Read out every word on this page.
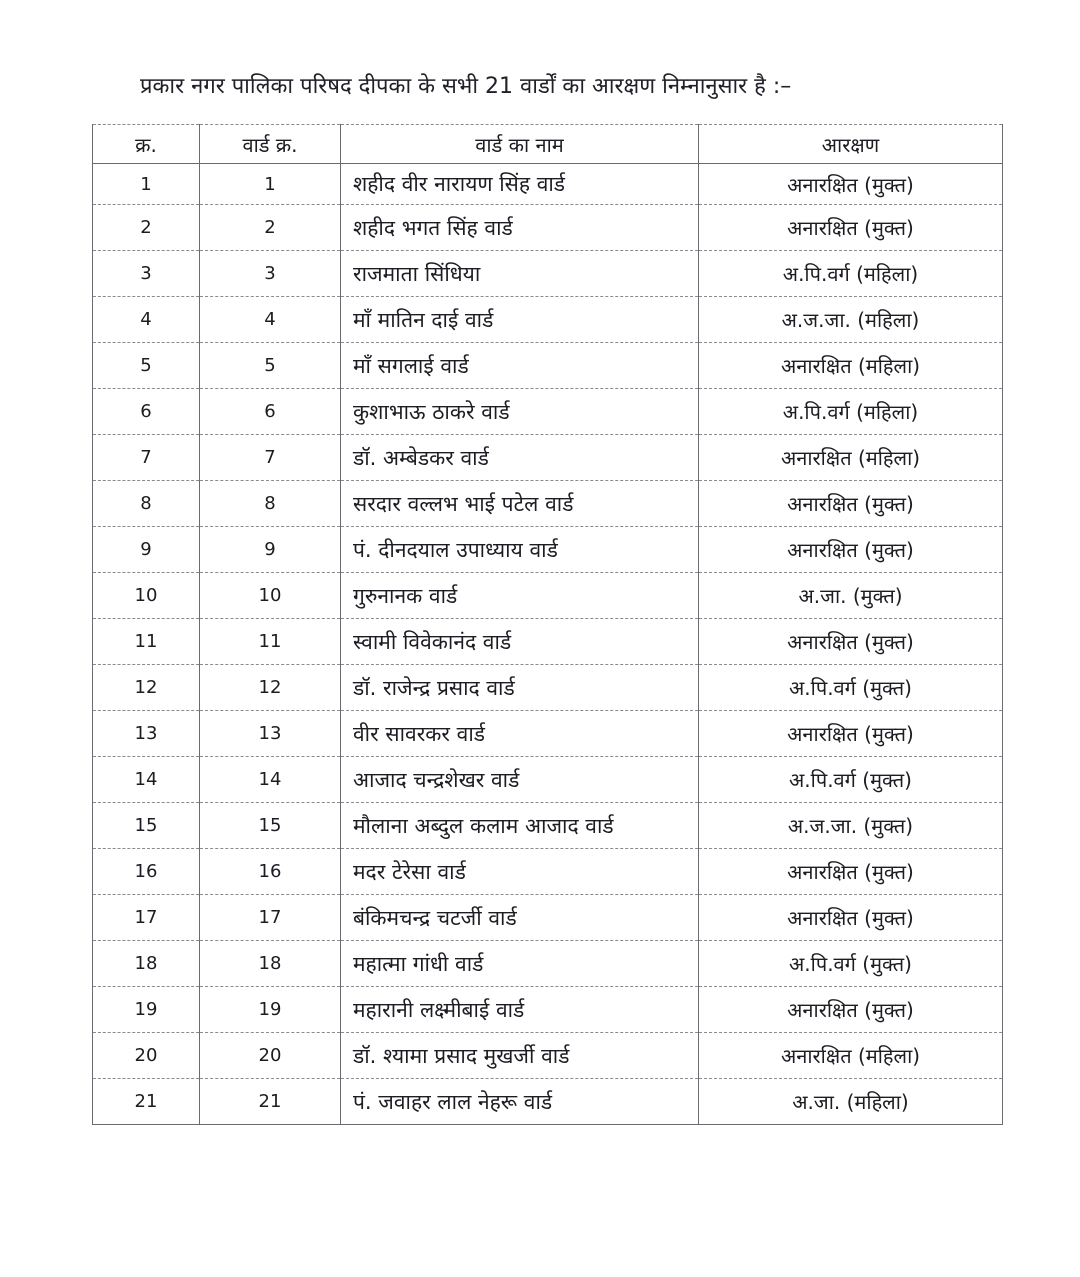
प्रकार नगर पालिका परिषद दीपका के सभी 21 वार्डों का आरक्षण निम्नानुसार है :–
क्र.	वार्ड क्र.	वार्ड का नाम	आरक्षण
1	1	शहीद वीर नारायण सिंह वार्ड	अनारक्षित (मुक्त)
2	2	शहीद भगत सिंह वार्ड	अनारक्षित (मुक्त)
3	3	राजमाता सिंधिया	अ.पि.वर्ग (महिला)
4	4	माँ मातिन दाई वार्ड	अ.ज.जा. (महिला)
5	5	माँ सगलाई वार्ड	अनारक्षित (महिला)
6	6	कुशाभाऊ ठाकरे वार्ड	अ.पि.वर्ग (महिला)
7	7	डॉ. अम्बेडकर वार्ड	अनारक्षित (महिला)
8	8	सरदार वल्लभ भाई पटेल वार्ड	अनारक्षित (मुक्त)
9	9	पं. दीनदयाल उपाध्याय वार्ड	अनारक्षित (मुक्त)
10	10	गुरुनानक वार्ड	अ.जा. (मुक्त)
11	11	स्वामी विवेकानंद वार्ड	अनारक्षित (मुक्त)
12	12	डॉ. राजेन्द्र प्रसाद वार्ड	अ.पि.वर्ग (मुक्त)
13	13	वीर सावरकर वार्ड	अनारक्षित (मुक्त)
14	14	आजाद चन्द्रशेखर वार्ड	अ.पि.वर्ग (मुक्त)
15	15	मौलाना अब्दुल कलाम आजाद वार्ड	अ.ज.जा. (मुक्त)
16	16	मदर टेरेसा वार्ड	अनारक्षित (मुक्त)
17	17	बंकिमचन्द्र चटर्जी वार्ड	अनारक्षित (मुक्त)
18	18	महात्मा गांधी वार्ड	अ.पि.वर्ग (मुक्त)
19	19	महारानी लक्ष्मीबाई वार्ड	अनारक्षित (मुक्त)
20	20	डॉ. श्यामा प्रसाद मुखर्जी वार्ड	अनारक्षित (महिला)
21	21	पं. जवाहर लाल नेहरू वार्ड	अ.जा. (महिला)
